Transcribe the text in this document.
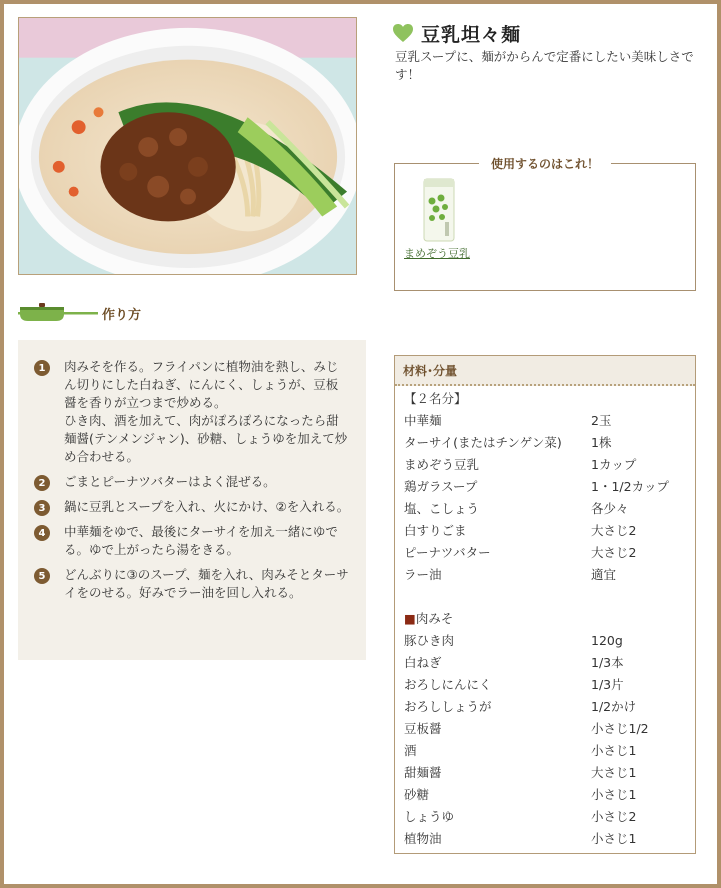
豆乳坦々麺
豆乳スープに、麺がからんで定番にしたい美味しさです！
使用するのはこれ！
まめぞう豆乳
作り方
1	肉みそを作る。フライパンに植物油を熱し、みじん切りにした白ねぎ、にんにく、しょうが、豆板醤を香りが立つまで炒める。
ひき肉、酒を加えて、肉がぽろぽろになったら甜麺醤(テンメンジャン)、砂糖、しょうゆを加えて炒め合わせる。
2	ごまとピーナツバターはよく混ぜる。
3	鍋に豆乳とスープを入れ、火にかけ、②を入れる。
4	中華麺をゆで、最後にターサイを加え一緒にゆでる。ゆで上がったら湯をきる。
5	どんぶりに③のスープ、麺を入れ、肉みそとターサイをのせる。好みでラー油を回し入れる。
材料･分量
【２名分】
中華麺	2玉
ターサイ(またはチンゲン菜) 1株
まめぞう豆乳	1カップ
鶏ガラスープ	1・1/2カップ
塩、こしょう	各少々
白すりごま	大さじ2
ピーナツバター	大さじ2
ラー油	適宜
■肉みそ
豚ひき肉	120g
白ねぎ	1/3本
おろしにんにく	1/3片
おろししょうが	1/2かけ
豆板醤	小さじ1/2
酒	小さじ1
甜麺醤	大さじ1
砂糖	小さじ1
しょうゆ	小さじ2
植物油	小さじ1
